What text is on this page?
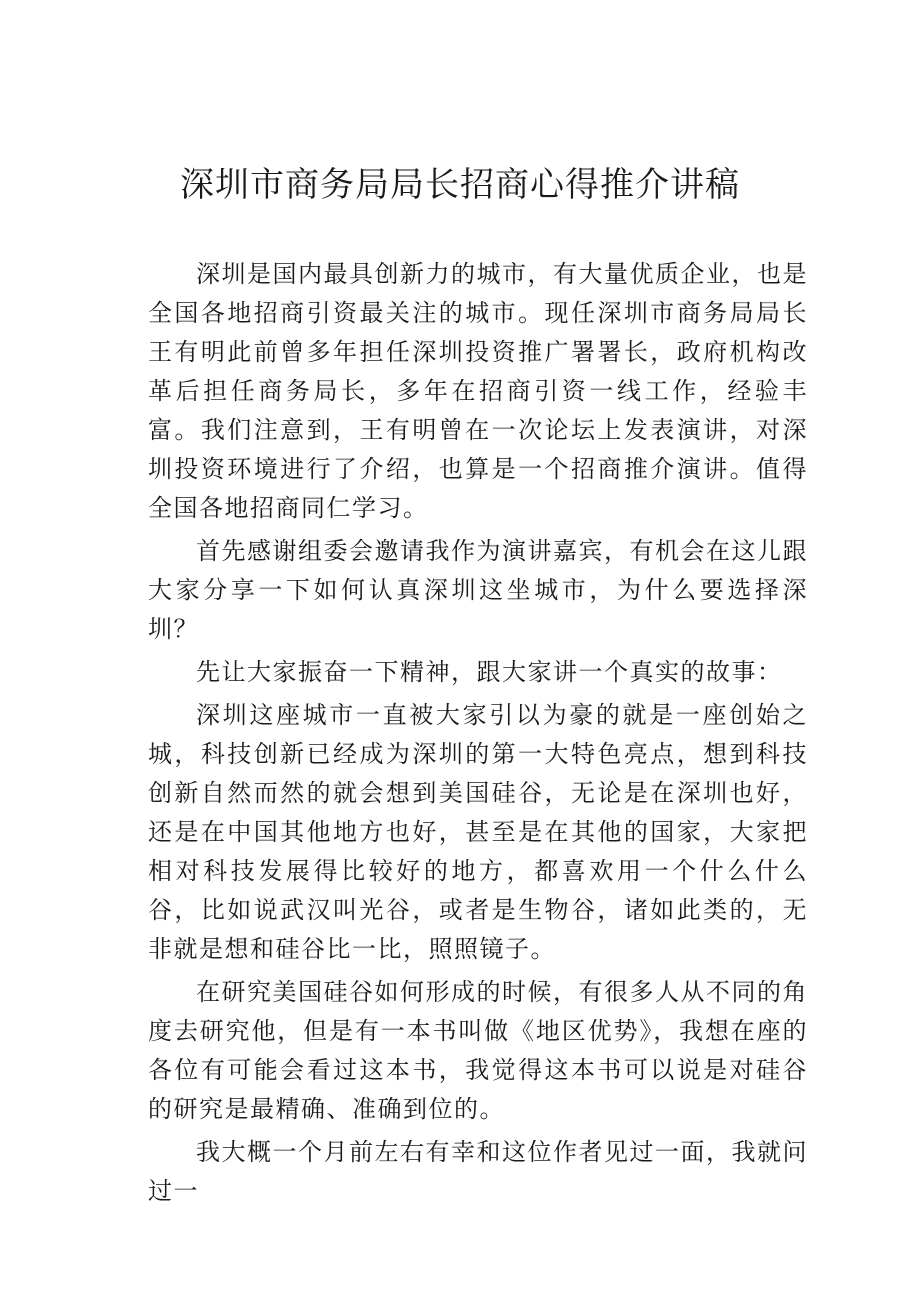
深圳市商务局局长招商心得推介讲稿

深圳是国内最具创新力的城市，有大量优质企业，也是全国各地招商引资最关注的城市。现任深圳市商务局局长王有明此前曾多年担任深圳投资推广署署长，政府机构改革后担任商务局长，多年在招商引资一线工作，经验丰富。我们注意到，王有明曾在一次论坛上发表演讲，对深圳投资环境进行了介绍，也算是一个招商推介演讲。值得全国各地招商同仁学习。

首先感谢组委会邀请我作为演讲嘉宾，有机会在这儿跟大家分享一下如何认真深圳这坐城市，为什么要选择深圳？

先让大家振奋一下精神，跟大家讲一个真实的故事：

深圳这座城市一直被大家引以为豪的就是一座创始之城，科技创新已经成为深圳的第一大特色亮点，想到科技创新自然而然的就会想到美国硅谷，无论是在深圳也好，还是在中国其他地方也好，甚至是在其他的国家，大家把相对科技发展得比较好的地方，都喜欢用一个什么什么谷，比如说武汉叫光谷，或者是生物谷，诸如此类的，无非就是想和硅谷比一比，照照镜子。

在研究美国硅谷如何形成的时候，有很多人从不同的角度去研究他，但是有一本书叫做《地区优势》，我想在座的各位有可能会看过这本书，我觉得这本书可以说是对硅谷的研究是最精确、准确到位的。

我大概一个月前左右有幸和这位作者见过一面，我就问过一
